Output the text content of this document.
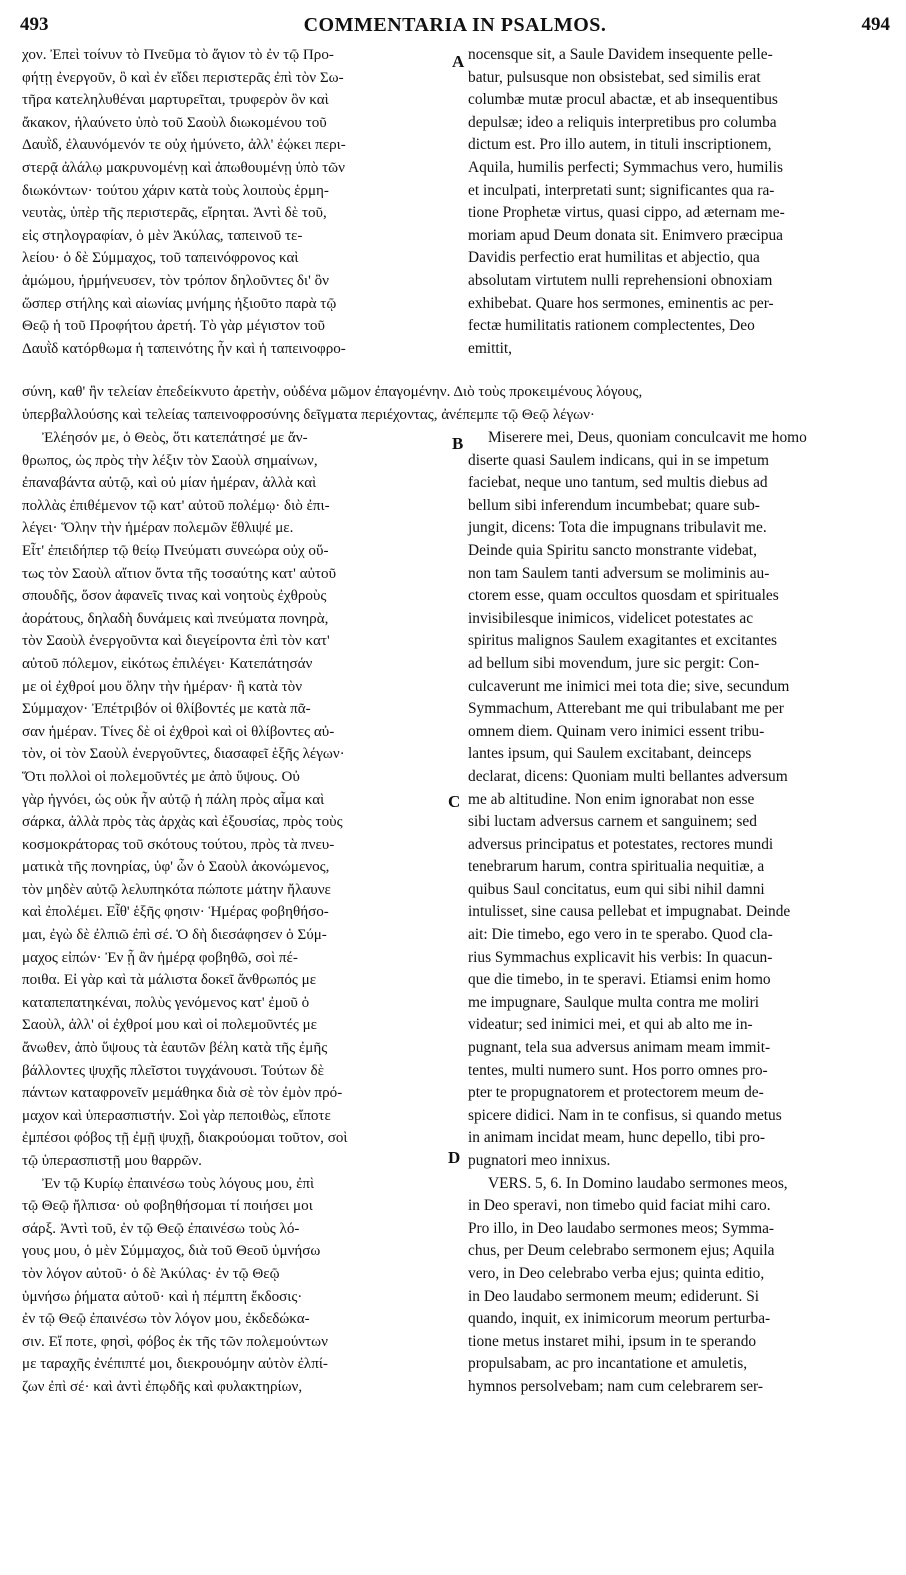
493	COMMENTARIA IN PSALMOS.	494
A
B
C
D

χον. Ἐπεὶ τοίνυν τὸ Πνεῦμα τὸ ἅγιον τὸ ἐν τῷ Προ-
φήτῃ ἐνεργοῦν, ὃ καὶ ἐν εἴδει περιστερᾶς ἐπὶ τὸν Σω-
τῆρα κατεληλυθέναι μαρτυρεῖται, τρυφερὸν ὃν καὶ
ἄκακον, ἠλαύνετο ὑπὸ τοῦ Σαοὺλ διωκομένου τοῦ
Δαυῒδ, ἐλαυνόμενόν τε οὐχ ἠμύνετο, ἀλλ' ἐῴκει περι-
στερᾷ ἀλάλῳ μακρυνομένῃ καὶ ἀπωθουμένῃ ὑπὸ τῶν
διωκόντων· τούτου χάριν κατὰ τοὺς λοιποὺς ἑρμη-
νευτὰς, ὑπὲρ τῆς περιστερᾶς, εἴρηται. Ἀντὶ δὲ τοῦ,
εἰς στηλογραφίαν, ὁ μὲν Ἀκύλας, ταπεινοῦ τε-
λείου· ὁ δὲ Σύμμαχος, τοῦ ταπεινόφρονος καὶ
ἀμώμου, ἡρμήνευσεν, τὸν τρόπον δηλοῦντες δι' ὃν
ὥσπερ στήλης καὶ αἰωνίας μνήμης ἠξιοῦτο παρὰ τῷ
Θεῷ ἡ τοῦ Προφήτου ἀρετή. Τὸ γὰρ μέγιστον τοῦ
Δαυῒδ κατόρθωμα ἡ ταπεινότης ἦν καὶ ἡ ταπεινοφρο-

nocensque sit, a Saule Davidem insequente pelle-
batur, pulsusque non obsistebat, sed similis erat
columbæ mutæ procul abactæ, et ab insequentibus
depulsæ; ideo a reliquis interpretibus pro columba
dictum est. Pro illo autem, in tituli inscriptionem,
Aquila, humilis perfecti; Symmachus vero, humilis
et inculpati, interpretati sunt; significantes qua ra-
tione Prophetæ virtus, quasi cippo, ad æternam me-
moriam apud Deum donata sit. Enimvero præcipua
Davidis perfectio erat humilitas et abjectio, qua
absolutam virtutem nulli reprehensioni obnoxiam
exhibebat. Quare hos sermones, eminentis ac per-
fectæ humilitatis rationem complectentes, Deo
emittit,

σύνη, καθ' ἣν τελείαν ἐπεδείκνυτο ἀρετὴν, οὐδένα μῶμον ἐπαγομένην. Διὸ τοὺς προκειμένους λόγους,
ὑπερβαλλούσης καὶ τελείας ταπεινοφροσύνης δεῖγματα περιέχοντας, ἀνέπεμπε τῷ Θεῷ λέγων·

Ἐλέησόν με, ὁ Θεὸς, ὅτι κατεπάτησέ με ἄν-
θρωπος, ὡς πρὸς τὴν λέξιν τὸν Σαοὺλ σημαίνων,
ἐπαναβάντα αὐτῷ, καὶ οὐ μίαν ἡμέραν, ἀλλὰ καὶ
πολλὰς ἐπιθέμενον τῷ κατ' αὐτοῦ πολέμῳ· διὸ ἐπι-
λέγει· Ὅλην τὴν ἡμέραν πολεμῶν ἔθλιψέ με.
Εἶτ' ἐπειδήπερ τῷ θείῳ Πνεύματι συνεώρα οὐχ οὕ-
τως τὸν Σαοὺλ αἴτιον ὄντα τῆς τοσαύτης κατ' αὐτοῦ
σπουδῆς, ὅσον ἀφανεῖς τινας καὶ νοητοὺς ἐχθροὺς
ἀοράτους, δηλαδὴ δυνάμεις καὶ πνεύματα πονηρὰ,
τὸν Σαοὺλ ἐνεργοῦντα καὶ διεγείροντα ἐπὶ τὸν κατ'
αὐτοῦ πόλεμον, εἰκότως ἐπιλέγει· Κατεπάτησάν
με οἱ ἐχθροί μου ὅλην τὴν ἡμέραν· ἢ κατὰ τὸν
Σύμμαχον· Ἐπέτριβόν οἱ θλίβοντές με κατὰ πᾶ-
σαν ἡμέραν. Τίνες δὲ οἱ ἐχθροὶ καὶ οἱ θλίβοντες αὐ-
τὸν, οἱ τὸν Σαοὺλ ἐνεργοῦντες, διασαφεῖ ἑξῆς λέγων·
Ὅτι πολλοὶ οἱ πολεμοῦντές με ἀπὸ ὕψους. Οὐ
γὰρ ἠγνόει, ὡς οὐκ ἦν αὐτῷ ἡ πάλη πρὸς αἷμα καὶ
σάρκα, ἀλλὰ πρὸς τὰς ἀρχὰς καὶ ἐξουσίας, πρὸς τοὺς
κοσμοκράτορας τοῦ σκότους τούτου, πρὸς τὰ πνευ-
ματικὰ τῆς πονηρίας, ὑφ' ὧν ὁ Σαοὺλ ἀκονώμενος,
τὸν μηδὲν αὐτῷ λελυπηκότα πώποτε μάτην ἤλαυνε
καὶ ἐπολέμει. Εἶθ' ἑξῆς φησιν· Ἡμέρας φοβηθήσο-
μαι, ἐγὼ δὲ ἐλπιῶ ἐπὶ σέ. Ὁ δὴ διεσάφησεν ὁ Σύμ-
μαχος εἰπών· Ἐν ᾗ ἂν ἡμέρᾳ φοβηθῶ, σοὶ πέ-
ποιθα. Εἰ γὰρ καὶ τὰ μάλιστα δοκεῖ ἄνθρωπός με
καταπεπατηκέναι, πολὺς γενόμενος κατ' ἐμοῦ ὁ
Σαοὺλ, ἀλλ' οἱ ἐχθροί μου καὶ οἱ πολεμοῦντές με
ἄνωθεν, ἀπὸ ὕψους τὰ ἑαυτῶν βέλη κατὰ τῆς ἐμῆς
βάλλοντες ψυχῆς πλεῖστοι τυγχάνουσι. Τούτων δὲ
πάντων καταφρονεῖν μεμάθηκα διὰ σὲ τὸν ἐμὸν πρό-
μαχον καὶ ὑπερασπιστήν. Σοὶ γὰρ πεποιθὼς, εἴποτε
ἐμπέσοι φόβος τῇ ἐμῇ ψυχῇ, διακρούομαι τοῦτον, σοὶ
τῷ ὑπερασπιστῇ μου θαρρῶν.

Ἐν τῷ Κυρίῳ ἐπαινέσω τοὺς λόγους μου, ἐπὶ
τῷ Θεῷ ἤλπισα· οὐ φοβηθήσομαι τί ποιήσει μοι
σάρξ. Ἀντὶ τοῦ, ἐν τῷ Θεῷ ἐπαινέσω τοὺς λό-
γους μου, ὁ μὲν Σύμμαχος, διὰ τοῦ Θεοῦ ὑμνήσω
τὸν λόγον αὐτοῦ· ὁ δὲ Ἀκύλας· ἐν τῷ Θεῷ
ὑμνήσω ῥήματα αὐτοῦ· καὶ ἡ πέμπτη ἔκδοσις·
ἐν τῷ Θεῷ ἐπαινέσω τὸν λόγον μου, ἐκδεδώκα-
σιν. Εἴ ποτε, φησὶ, φόβος ἐκ τῆς τῶν πολεμούντων
με ταραχῆς ἐνέπιπτέ μοι, διεκρουόμην αὐτὸν ἐλπί-
ζων ἐπὶ σέ· καὶ ἀντὶ ἐπῳδῆς καὶ φυλακτηρίων,

Miserere mei, Deus, quoniam conculcavit me homo
diserte quasi Saulem indicans, qui in se impetum
faciebat, neque uno tantum, sed multis diebus ad
bellum sibi inferendum incumbebat; quare sub-
jungit, dicens: Tota die impugnans tribulavit me.
Deinde quia Spiritu sancto monstrante videbat,
non tam Saulem tanti adversum se moliminis au-
ctorem esse, quam occultos quosdam et spirituales
invisibilesque inimicos, videlicet potestates ac
spiritus malignos Saulem exagitantes et excitantes
ad bellum sibi movendum, jure sic pergit: Con-
culcaverunt me inimici mei tota die; sive, secundum
Symmachum, Atterebant me qui tribulabant me per
omnem diem. Quinam vero inimici essent tribu-
lantes ipsum, qui Saulem excitabant, deinceps
declarat, dicens: Quoniam multi bellantes adversum
me ab altitudine. Non enim ignorabat non esse
sibi luctam adversus carnem et sanguinem; sed
adversus principatus et potestates, rectores mundi
tenebrarum harum, contra spiritualia nequitiæ, a
quibus Saul concitatus, eum qui sibi nihil damni
intulisset, sine causa pellebat et impugnabat. Deinde
ait: Die timebo, ego vero in te sperabo. Quod cla-
rius Symmachus explicavit his verbis: In quacun-
que die timebo, in te speravi. Etiamsi enim homo
me impugnare, Saulque multa contra me moliri
videatur; sed inimici mei, et qui ab alto me in-
pugnant, tela sua adversus animam meam immit-
tentes, multi numero sunt. Hos porro omnes pro-
pter te propugnatorem et protectorem meum de-
spicere didici. Nam in te confisus, si quando metus
in animam incidat meam, hunc depello, tibi pro-
pugnatori meo innixus.

VERS. 5, 6. In Domino laudabo sermones meos,
in Deo speravi, non timebo quid faciat mihi caro.
Pro illo, in Deo laudabo sermones meos; Symma-
chus, per Deum celebrabo sermonem ejus; Aquila
vero, in Deo celebrabo verba ejus; quinta editio,
in Deo laudabo sermonem meum; ediderunt. Si
quando, inquit, ex inimicorum meorum perturba-
tione metus instaret mihi, ipsum in te sperando
propulsabam, ac pro incantatione et amuletis,
hymnos persolvebam; nam cum celebrarem ser-
